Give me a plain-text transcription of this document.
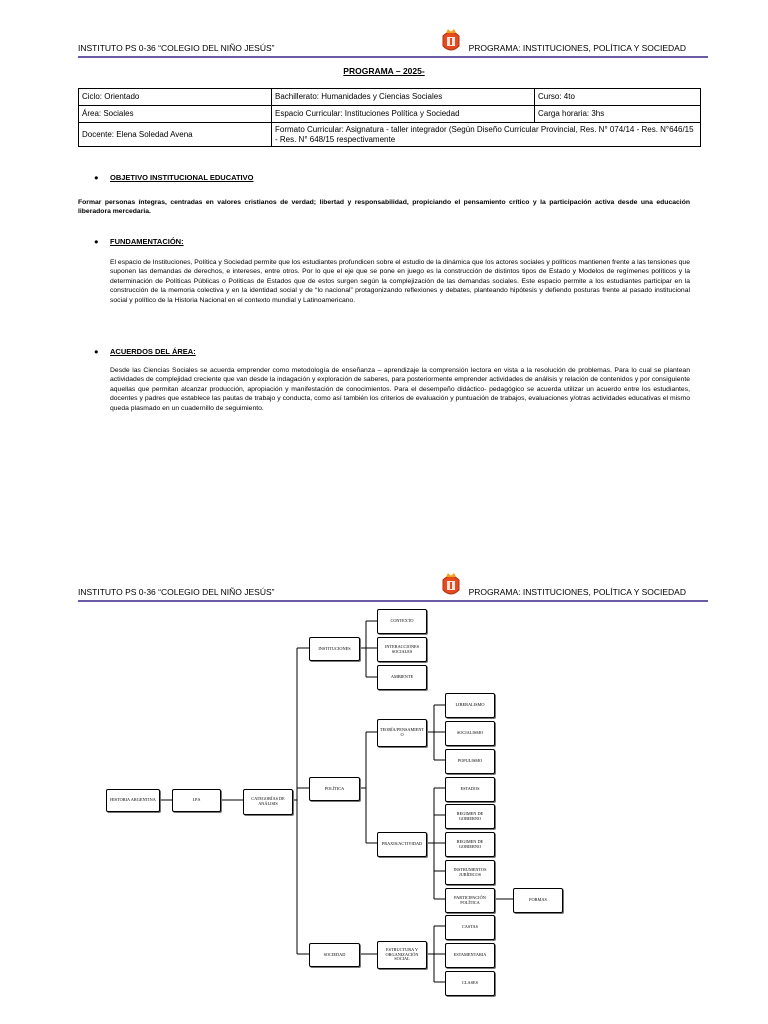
INSTITUTO PS 0-36 “COLEGIO DEL NIÑO JESÚS”	PROGRAMA: INSTITUCIONES, POLÍTICA Y SOCIEDAD
PROGRAMA – 2025-
Ciclo: Orientado	Bachillerato: Humanidades y Ciencias Sociales	Curso: 4to
Área: Sociales	Espacio Curricular: Instituciones Política y Sociedad	Carga horaria: 3hs
Docente: Elena Soledad Avena	Formato Curricular: Asignatura - taller integrador (Según Diseño Curricular Provincial, Res. N° 074/14 - Res. N°646/15 - Res. N° 648/15 respectivamente	
● OBJETIVO INSTITUCIONAL EDUCATIVO
Formar personas íntegras, centradas en valores cristianos de verdad; libertad y responsabilidad, propiciando el pensamiento crítico y la participación activa desde una educación liberadora mercedaria.
● FUNDAMENTACIÓN:
El espacio de Instituciones, Política y Sociedad permite que los estudiantes profundicen sobre el estudio de la dinámica que los actores sociales y políticos mantienen frente a las tensiones que suponen las demandas de derechos, e intereses, entre otros. Por lo que el eje que se pone en juego es la construcción de distintos tipos de Estado y Modelos de regímenes políticos y la determinación de Políticas Públicas o Políticas de Estados que de estos surgen según la complejización de las demandas sociales. Este espacio permite a los estudiantes participar en la construcción de la memoria colectiva y en la identidad social y de “lo nacional” protagonizando reflexiones y debates, planteando hipótesis y defiendo posturas frente al pasado institucional social y político de la Historia Nacional en el contexto mundial y Latinoamericano.
● ACUERDOS DEL ÁREA:
Desde las Ciencias Sociales se acuerda emprender como metodología de enseñanza – aprendizaje la comprensión lectora en vista a la resolución de problemas. Para lo cual se plantean actividades de complejidad creciente que van desde la indagación y exploración de saberes, para posteriormente emprender actividades de análisis y relación de contenidos y por consiguiente aquellas que permitan alcanzar producción, apropiación y manifestación de conocimientos. Para el desempeño didáctico- pedagógico se acuerda utilizar un acuerdo entre los estudiantes, docentes y padres que establece las pautas de trabajo y conducta, como así también los criterios de evaluación y puntuación de trabajos, evaluaciones y/otras actividades educativas el mismo queda plasmado en un cuadernillo de seguimiento.
INSTITUTO PS 0-36 “COLEGIO DEL NIÑO JESÚS”	PROGRAMA: INSTITUCIONES, POLÍTICA Y SOCIEDAD
HISTORIA ARGENTINA	I.P.S	CATEGORÍAS DE ANÁLISIS
INSTITUCIONES
CONTEXTO
INTERACCIONES SOCIALES
AMBIENTE
POLÍTICA
TEORÍA/PENSAMIENT O
LIBERALISMO
SOCIALISMO
POPULISMO
PRAXIS/ACTIVIDAD
ESTADOS
REGIMEN DE GOBIERNO
REGIMEN DE GOBIERNO
INSTRUMENTOS JURÍDICOS
PARTICIPACIÓN POLÍTICA	FORMAS
SOCIEDAD
ESTRUCTURA Y ORGANIZACIÓN SOCIAL
CASTAS
ESTAMENTARIA
CLASES
